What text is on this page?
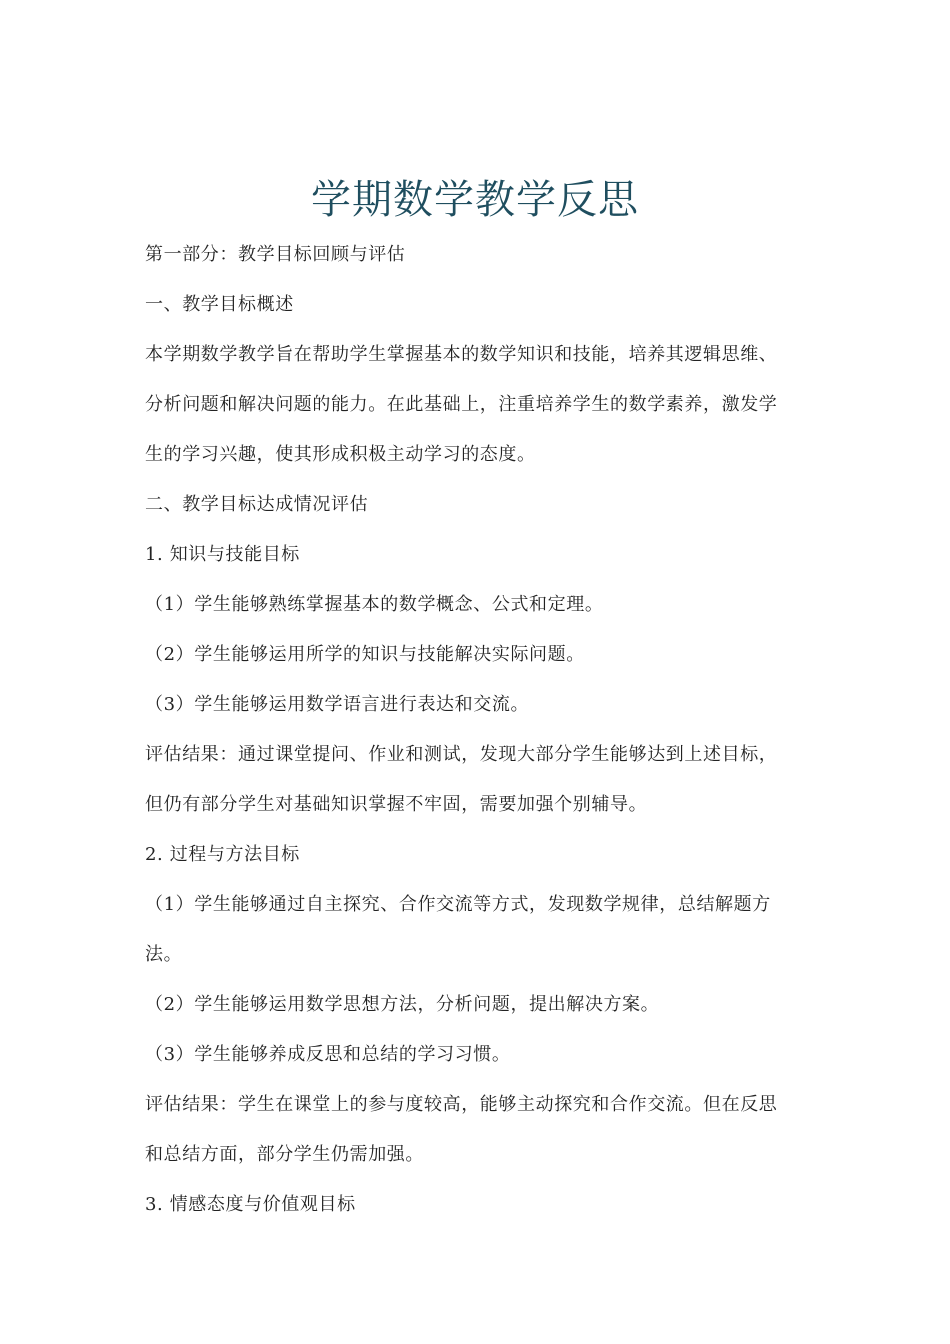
学期数学教学反思
第一部分：教学目标回顾与评估
一、教学目标概述
本学期数学教学旨在帮助学生掌握基本的数学知识和技能，培养其逻辑思维、
分析问题和解决问题的能力。在此基础上，注重培养学生的数学素养，激发学
生的学习兴趣，使其形成积极主动学习的态度。
二、教学目标达成情况评估
1. 知识与技能目标
（1）学生能够熟练掌握基本的数学概念、公式和定理。
（2）学生能够运用所学的知识与技能解决实际问题。
（3）学生能够运用数学语言进行表达和交流。
评估结果：通过课堂提问、作业和测试，发现大部分学生能够达到上述目标，
但仍有部分学生对基础知识掌握不牢固，需要加强个别辅导。
2. 过程与方法目标
（1）学生能够通过自主探究、合作交流等方式，发现数学规律，总结解题方
法。
（2）学生能够运用数学思想方法，分析问题，提出解决方案。
（3）学生能够养成反思和总结的学习习惯。
评估结果：学生在课堂上的参与度较高，能够主动探究和合作交流。但在反思
和总结方面，部分学生仍需加强。
3. 情感态度与价值观目标
